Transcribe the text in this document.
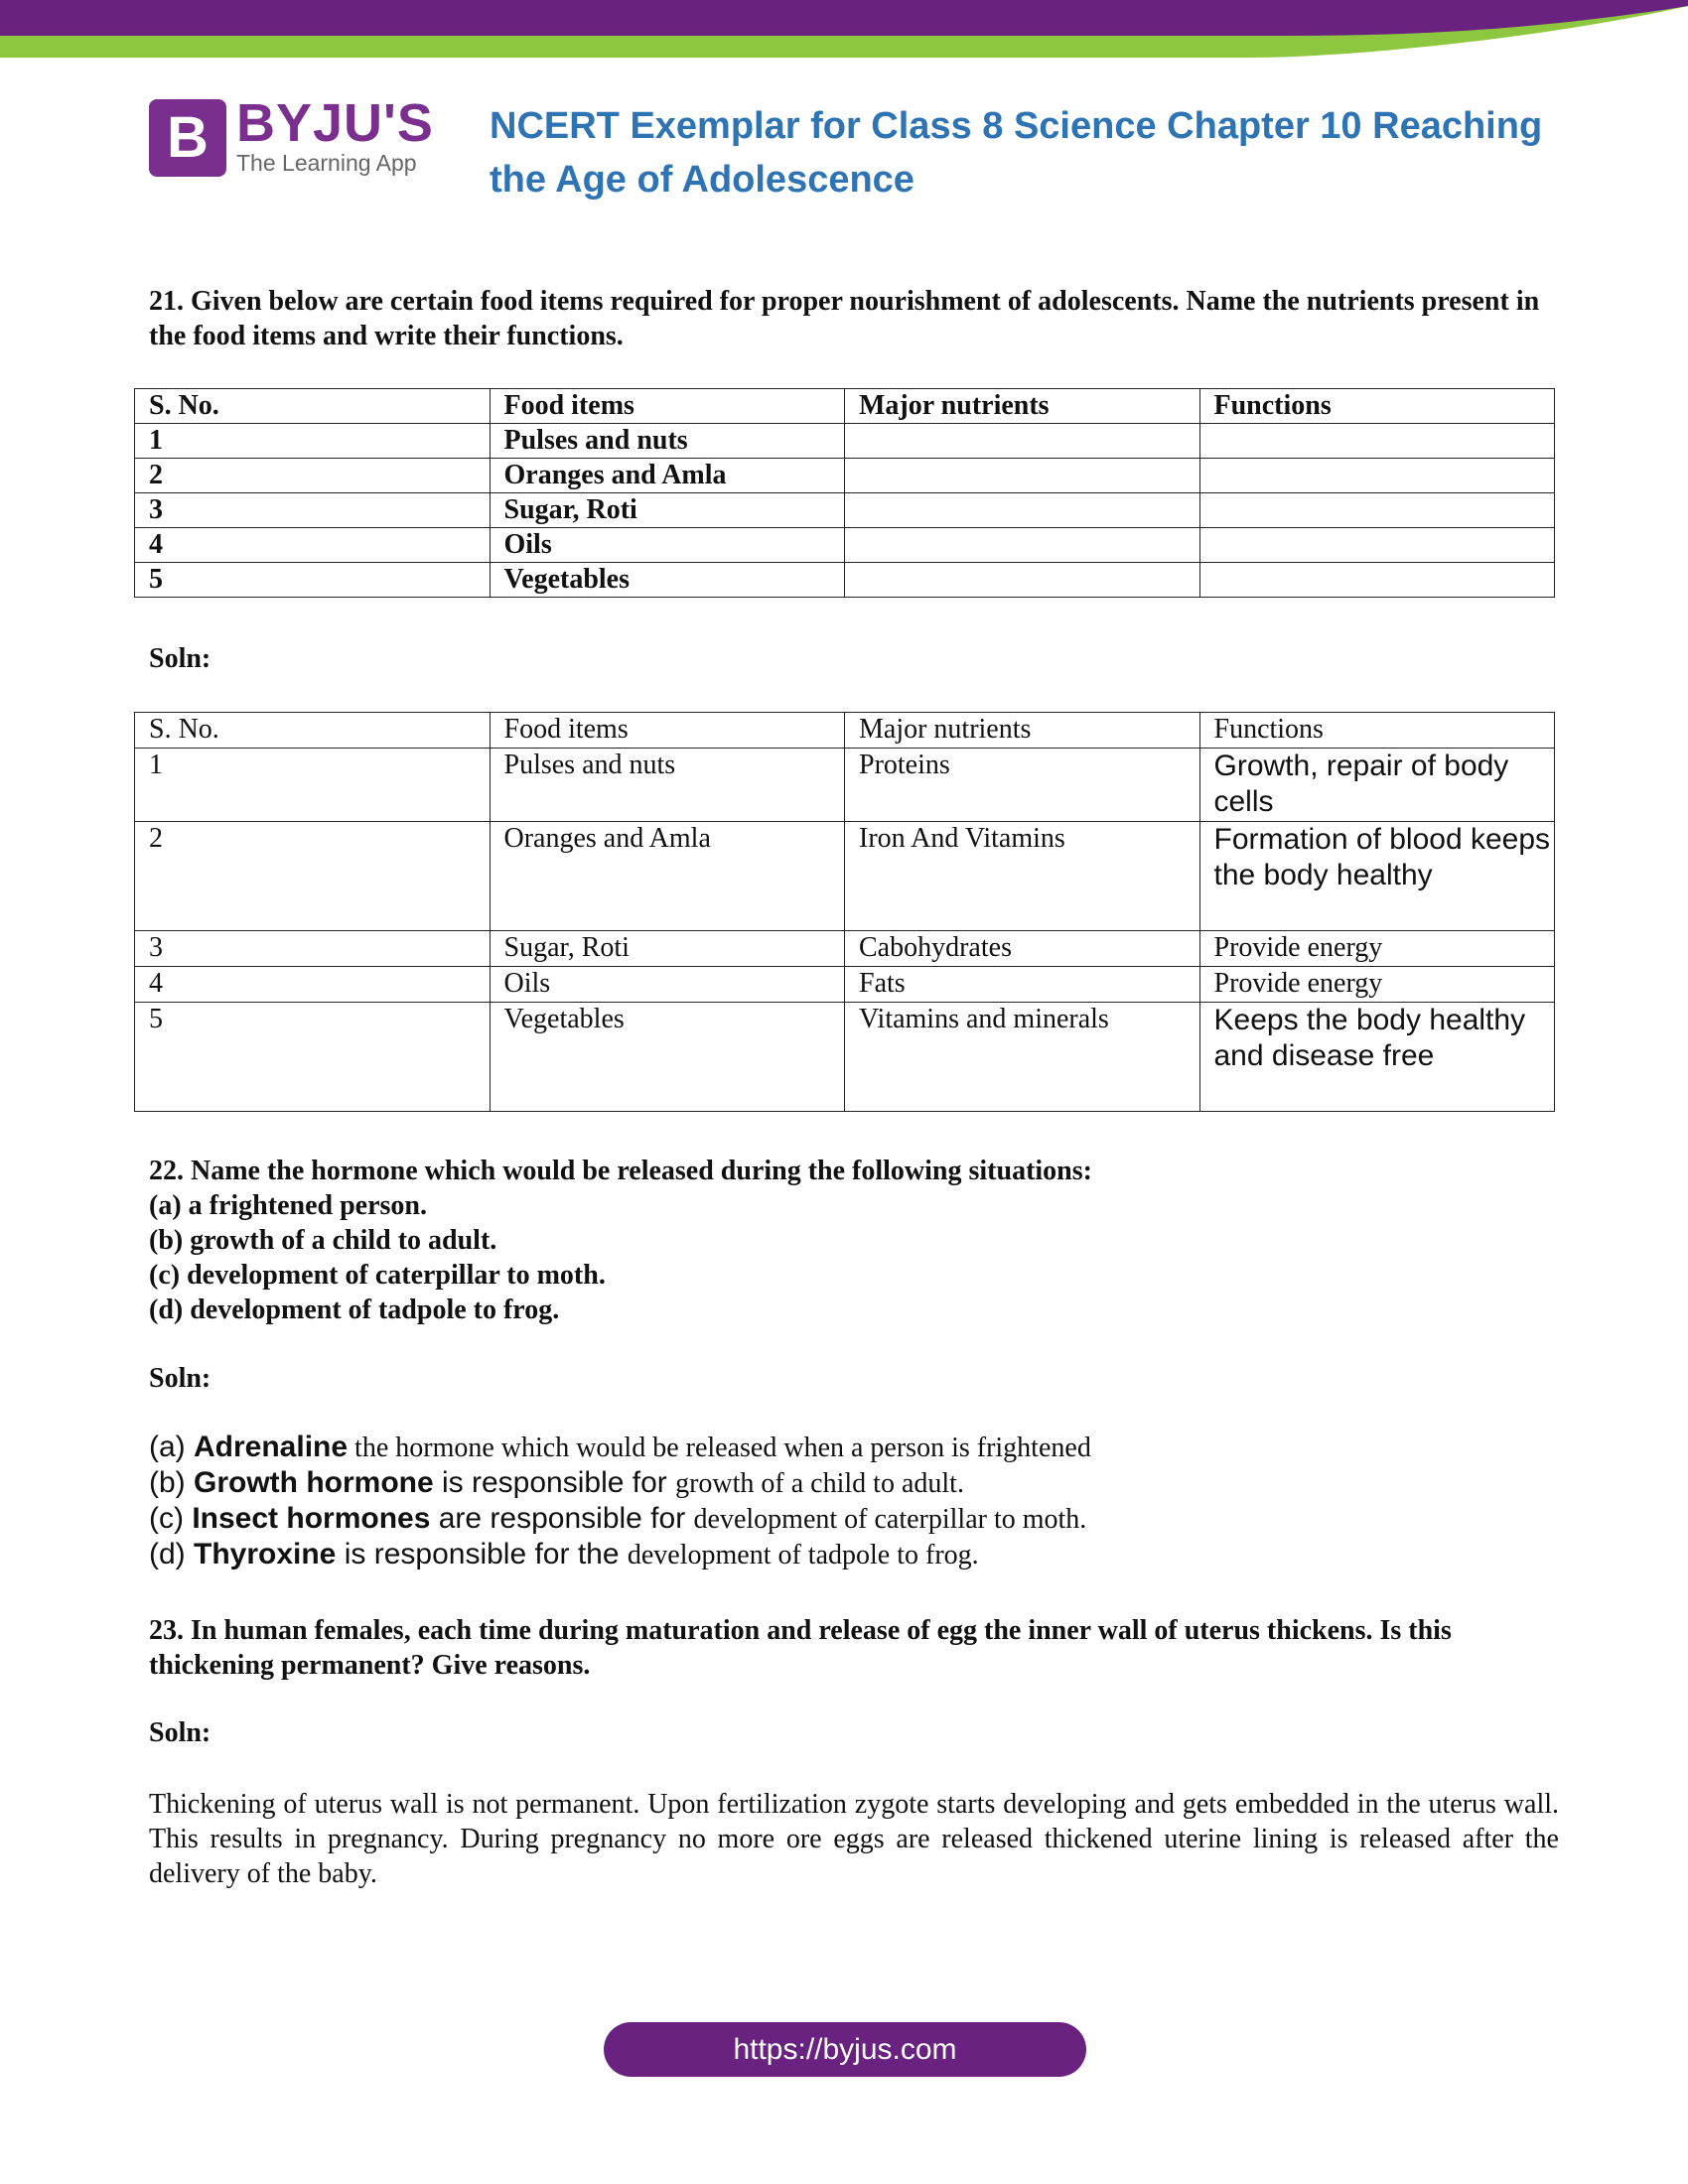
B BYJU'S
The Learning App
NCERT Exemplar for Class 8 Science Chapter 10 Reaching the Age of Adolescence
21. Given below are certain food items required for proper nourishment of adolescents. Name the nutrients present in the food items and write their functions.
S. No.	Food items	Major nutrients	Functions
1	Pulses and nuts		
2	Oranges and Amla		
3	Sugar, Roti		
4	Oils		
5	Vegetables		
Soln:
S. No.	Food items	Major nutrients	Functions
1	Pulses and nuts	Proteins	Growth, repair of body cells
2	Oranges and Amla	Iron And Vitamins	Formation of blood keeps the body healthy
3	Sugar, Roti	Cabohydrates	Provide energy
4	Oils	Fats	Provide energy
5	Vegetables	Vitamins and minerals	Keeps the body healthy and disease free
22. Name the hormone which would be released during the following situations:
(a) a frightened person.
(b) growth of a child to adult.
(c) development of caterpillar to moth.
(d) development of tadpole to frog.
Soln:
(a) Adrenaline the hormone which would be released when a person is frightened
(b) Growth hormone is responsible for growth of a child to adult.
(c) Insect hormones are responsible for development of caterpillar to moth.
(d) Thyroxine is responsible for the development of tadpole to frog.
23. In human females, each time during maturation and release of egg the inner wall of uterus thickens. Is this thickening permanent? Give reasons.
Soln:
Thickening of uterus wall is not permanent. Upon fertilization zygote starts developing and gets embedded in the uterus wall. This results in pregnancy. During pregnancy no more ore eggs are released thickened uterine lining is released after the delivery of the baby.
https://byjus.com
